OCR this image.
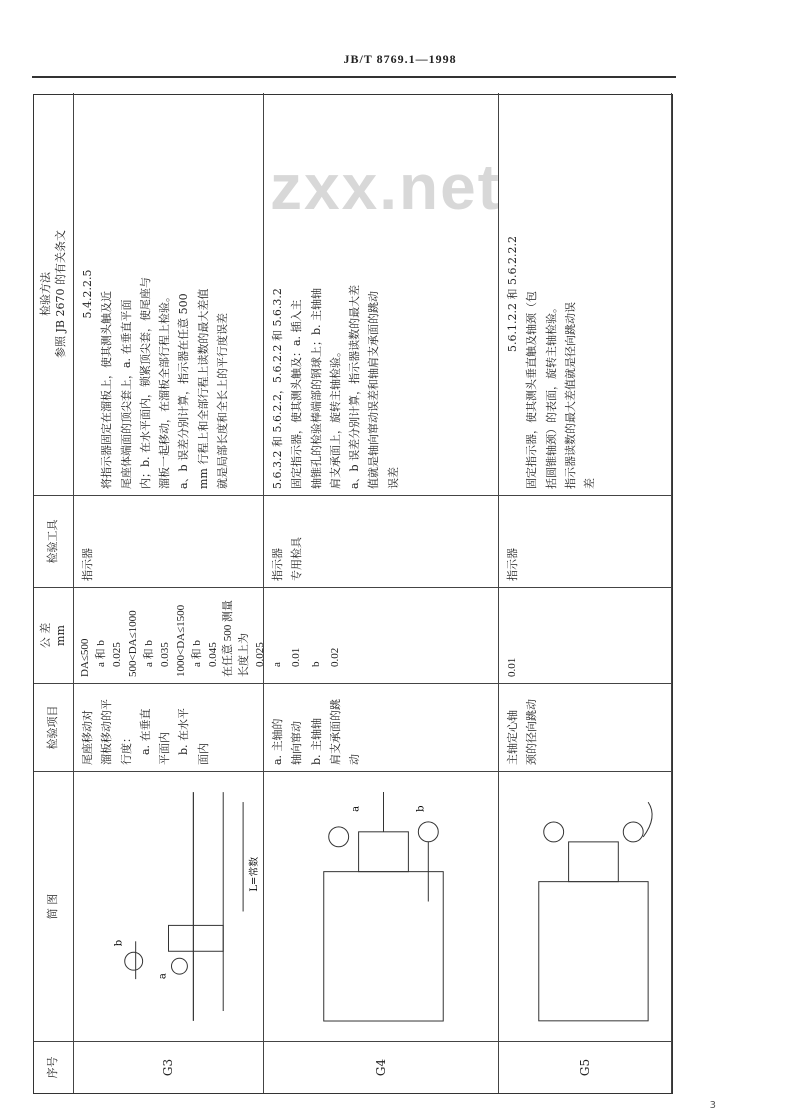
JB/T 8769.1—1998
zxx.net
序号
简 图
检验项目
公 差 mm
检验工具
检验方法 参照 JB 2670 的有关条文
G3
L=常数
a
b
尾座移动对 溜板移动的平 行度： a. 在垂直 平面内 b. 在水平 面内
DA≤500 a 和 b 0.025 500<DA≤1000 a 和 b 0.035 1000<DA≤1500 a 和 b 0.045 在任意 500 测量 长度上为 0.025
指示器
5.4.2.2.5 将指示器固定在溜板上，使其测头触及近 尾座体端面的顶尖套上，a. 在垂直平面 内；b. 在水平面内，锁紧顶尖套，使尾座与 溜板一起移动，在溜板全部行程上检验。 a、b 误差分别计算，指示器在任意 500 mm 行程上和全部行程上读数的最大差值 就是局部长度和全长上的平行度误差
G4
a	b
a. 主轴的 轴向窜动 b. 主轴轴 肩支承面的跳 动
a 0.01 b 0.02
指示器 专用检具
5.6.3.2 和 5.6.2.2，5.6.2.2 和 5.6.3.2 固定指示器，使其测头触及：a. 插入主 轴锥孔的检验棒端部的钢球上；b. 主轴轴 肩支承面上，旋转主轴检验。 a、b 误差分别计算，指示器读数的最大差 值就是轴向窜动误差和轴肩支承面的跳动 误差
G5
主轴定心轴 颈的径向跳动
0.01
指示器
5.6.1.2.2 和 5.6.2.2.2 固定指示器，使其测头垂直触及轴颈（包 括圆锥轴颈）的表面，旋转主轴检验。 指示器读数的最大差值就是径向跳动误 差
3
